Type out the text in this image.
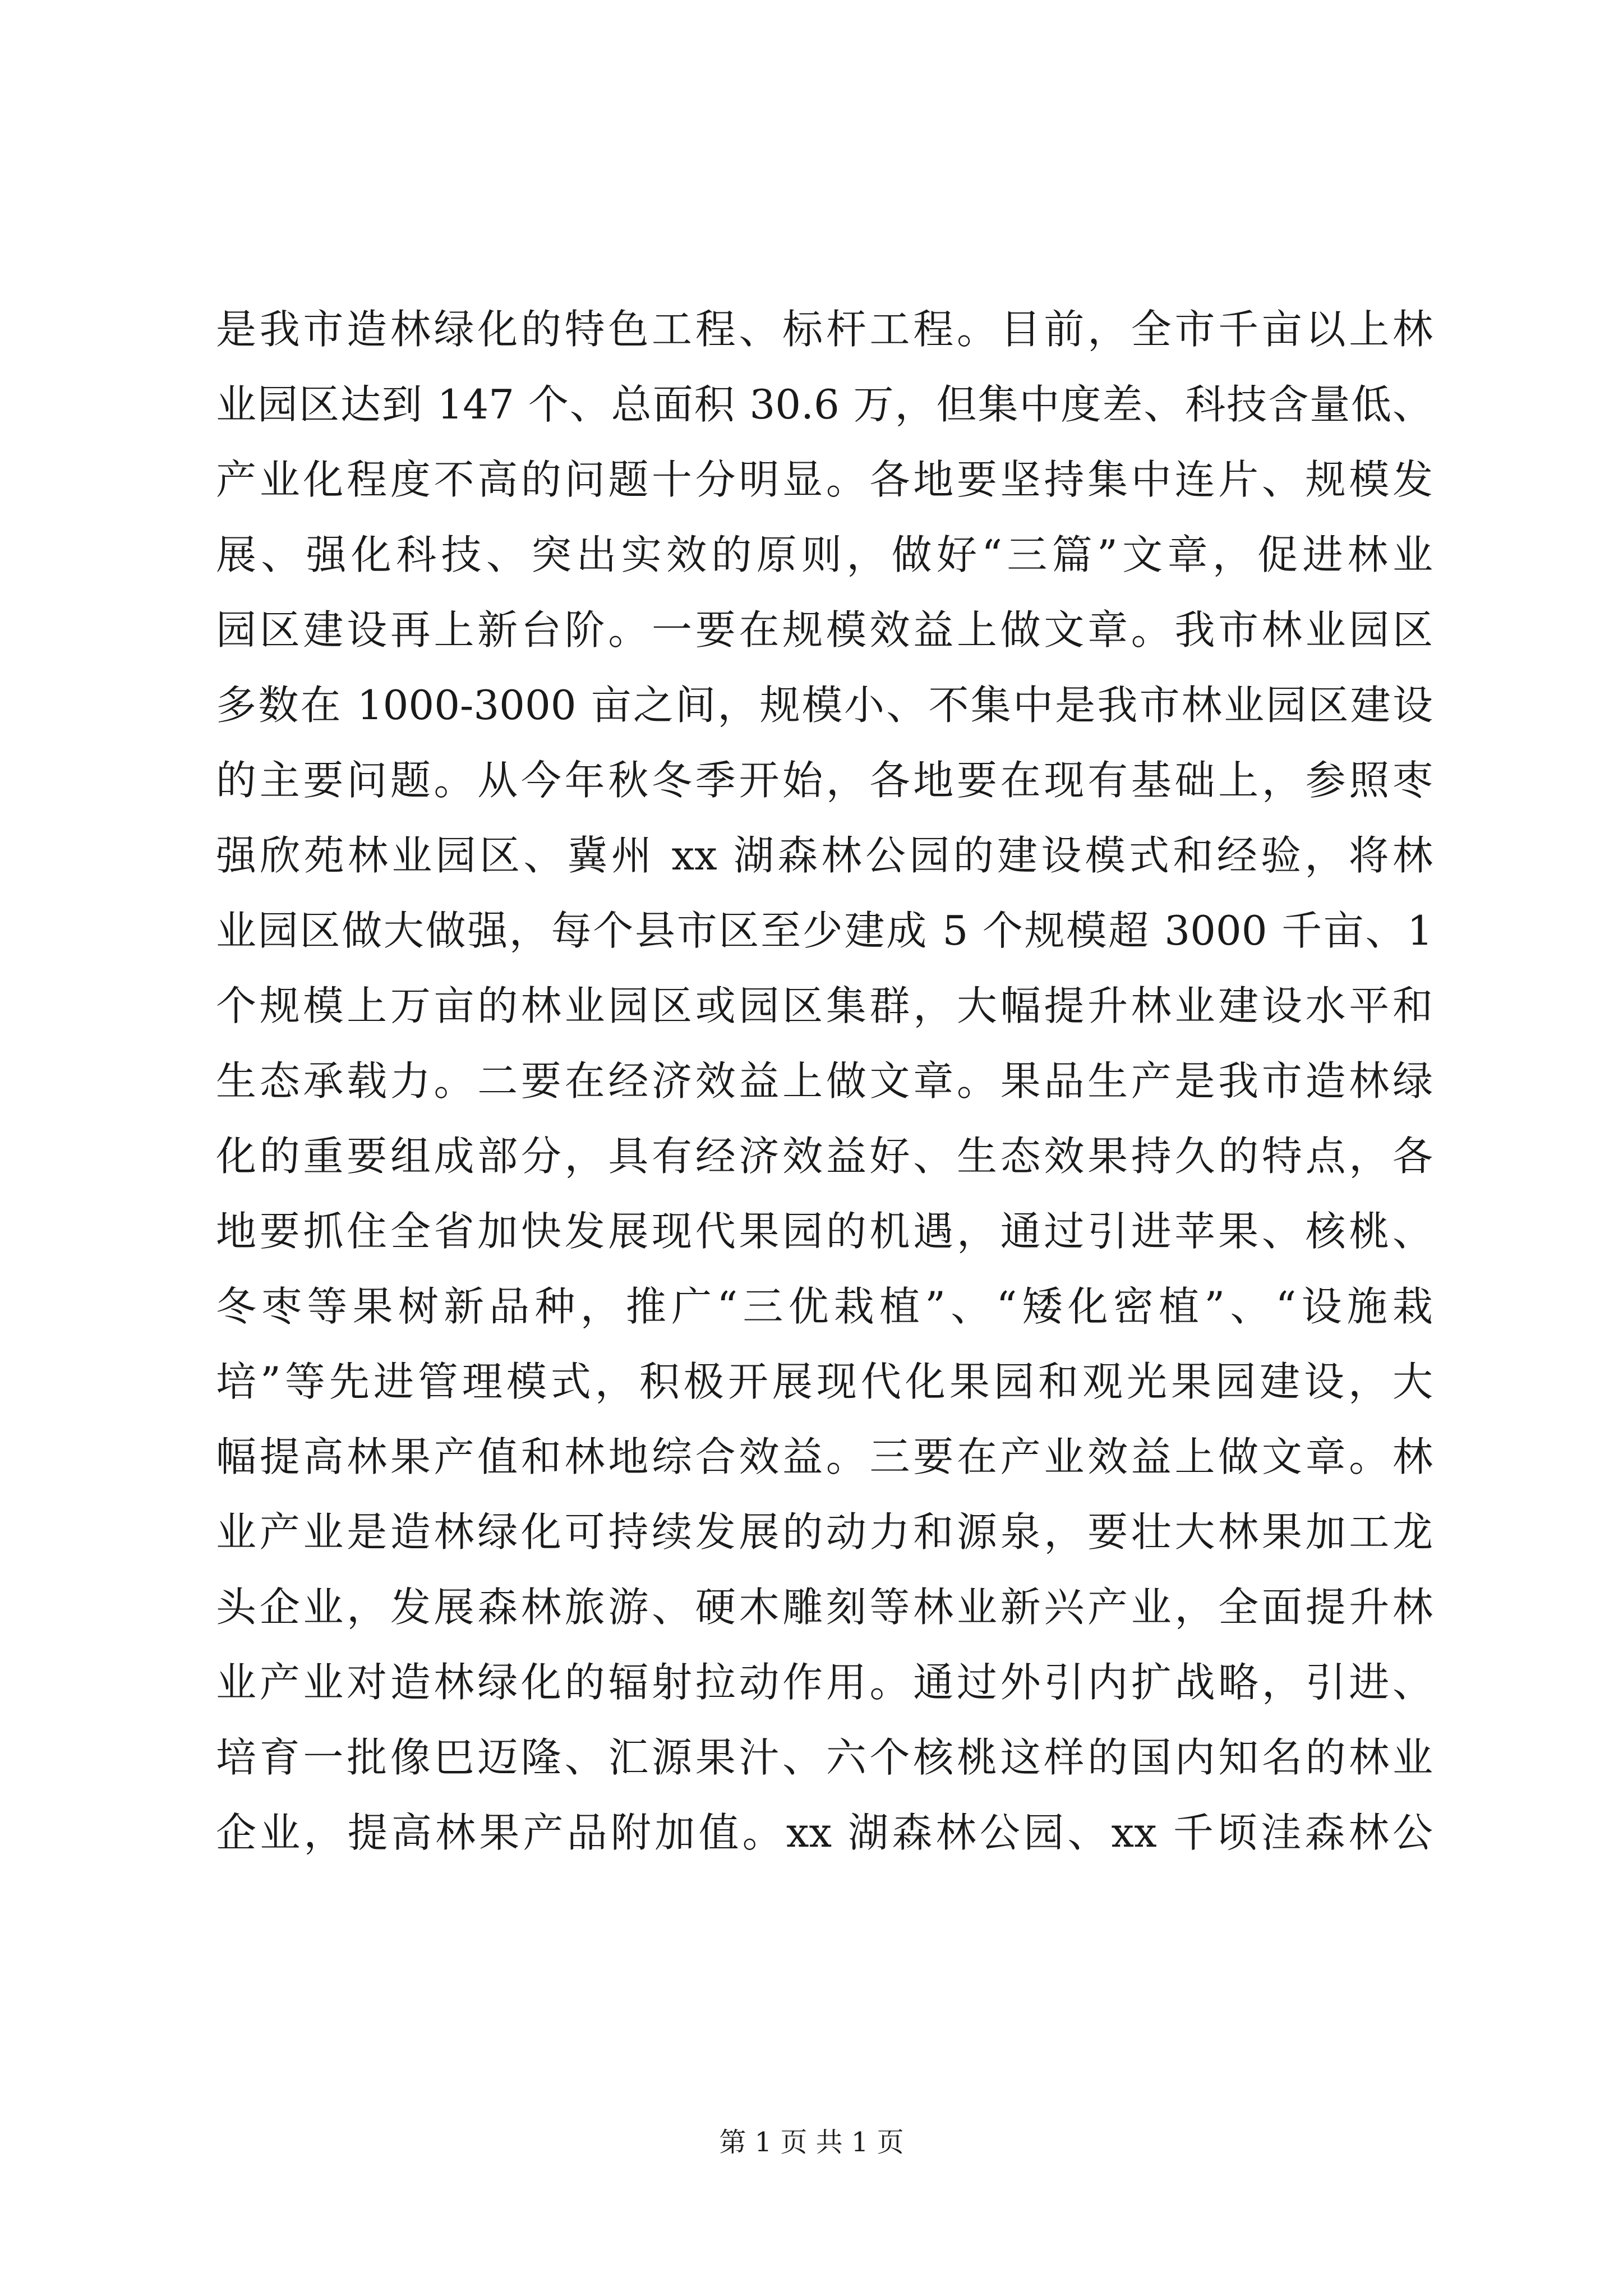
是我市造林绿化的特色工程、标杆工程。目前，全市千亩以上林
业园区达到 147 个、总面积 30.6 万，但集中度差、科技含量低、
产业化程度不高的问题十分明显。各地要坚持集中连片、规模发
展、强化科技、突出实效的原则，做好“三篇”文章，促进林业
园区建设再上新台阶。一要在规模效益上做文章。我市林业园区
多数在 1000-3000 亩之间，规模小、不集中是我市林业园区建设
的主要问题。从今年秋冬季开始，各地要在现有基础上，参照枣
强欣苑林业园区、冀州 xx 湖森林公园的建设模式和经验，将林
业园区做大做强，每个县市区至少建成 5 个规模超 3000 千亩、1
个规模上万亩的林业园区或园区集群，大幅提升林业建设水平和
生态承载力。二要在经济效益上做文章。果品生产是我市造林绿
化的重要组成部分，具有经济效益好、生态效果持久的特点，各
地要抓住全省加快发展现代果园的机遇，通过引进苹果、核桃、
冬枣等果树新品种，推广“三优栽植”、“矮化密植”、“设施栽
培”等先进管理模式，积极开展现代化果园和观光果园建设，大
幅提高林果产值和林地综合效益。三要在产业效益上做文章。林
业产业是造林绿化可持续发展的动力和源泉，要壮大林果加工龙
头企业，发展森林旅游、硬木雕刻等林业新兴产业，全面提升林
业产业对造林绿化的辐射拉动作用。通过外引内扩战略，引进、
培育一批像巴迈隆、汇源果汁、六个核桃这样的国内知名的林业
企业，提高林果产品附加值。xx 湖森林公园、xx 千顷洼森林公
第 1 页 共 1 页
